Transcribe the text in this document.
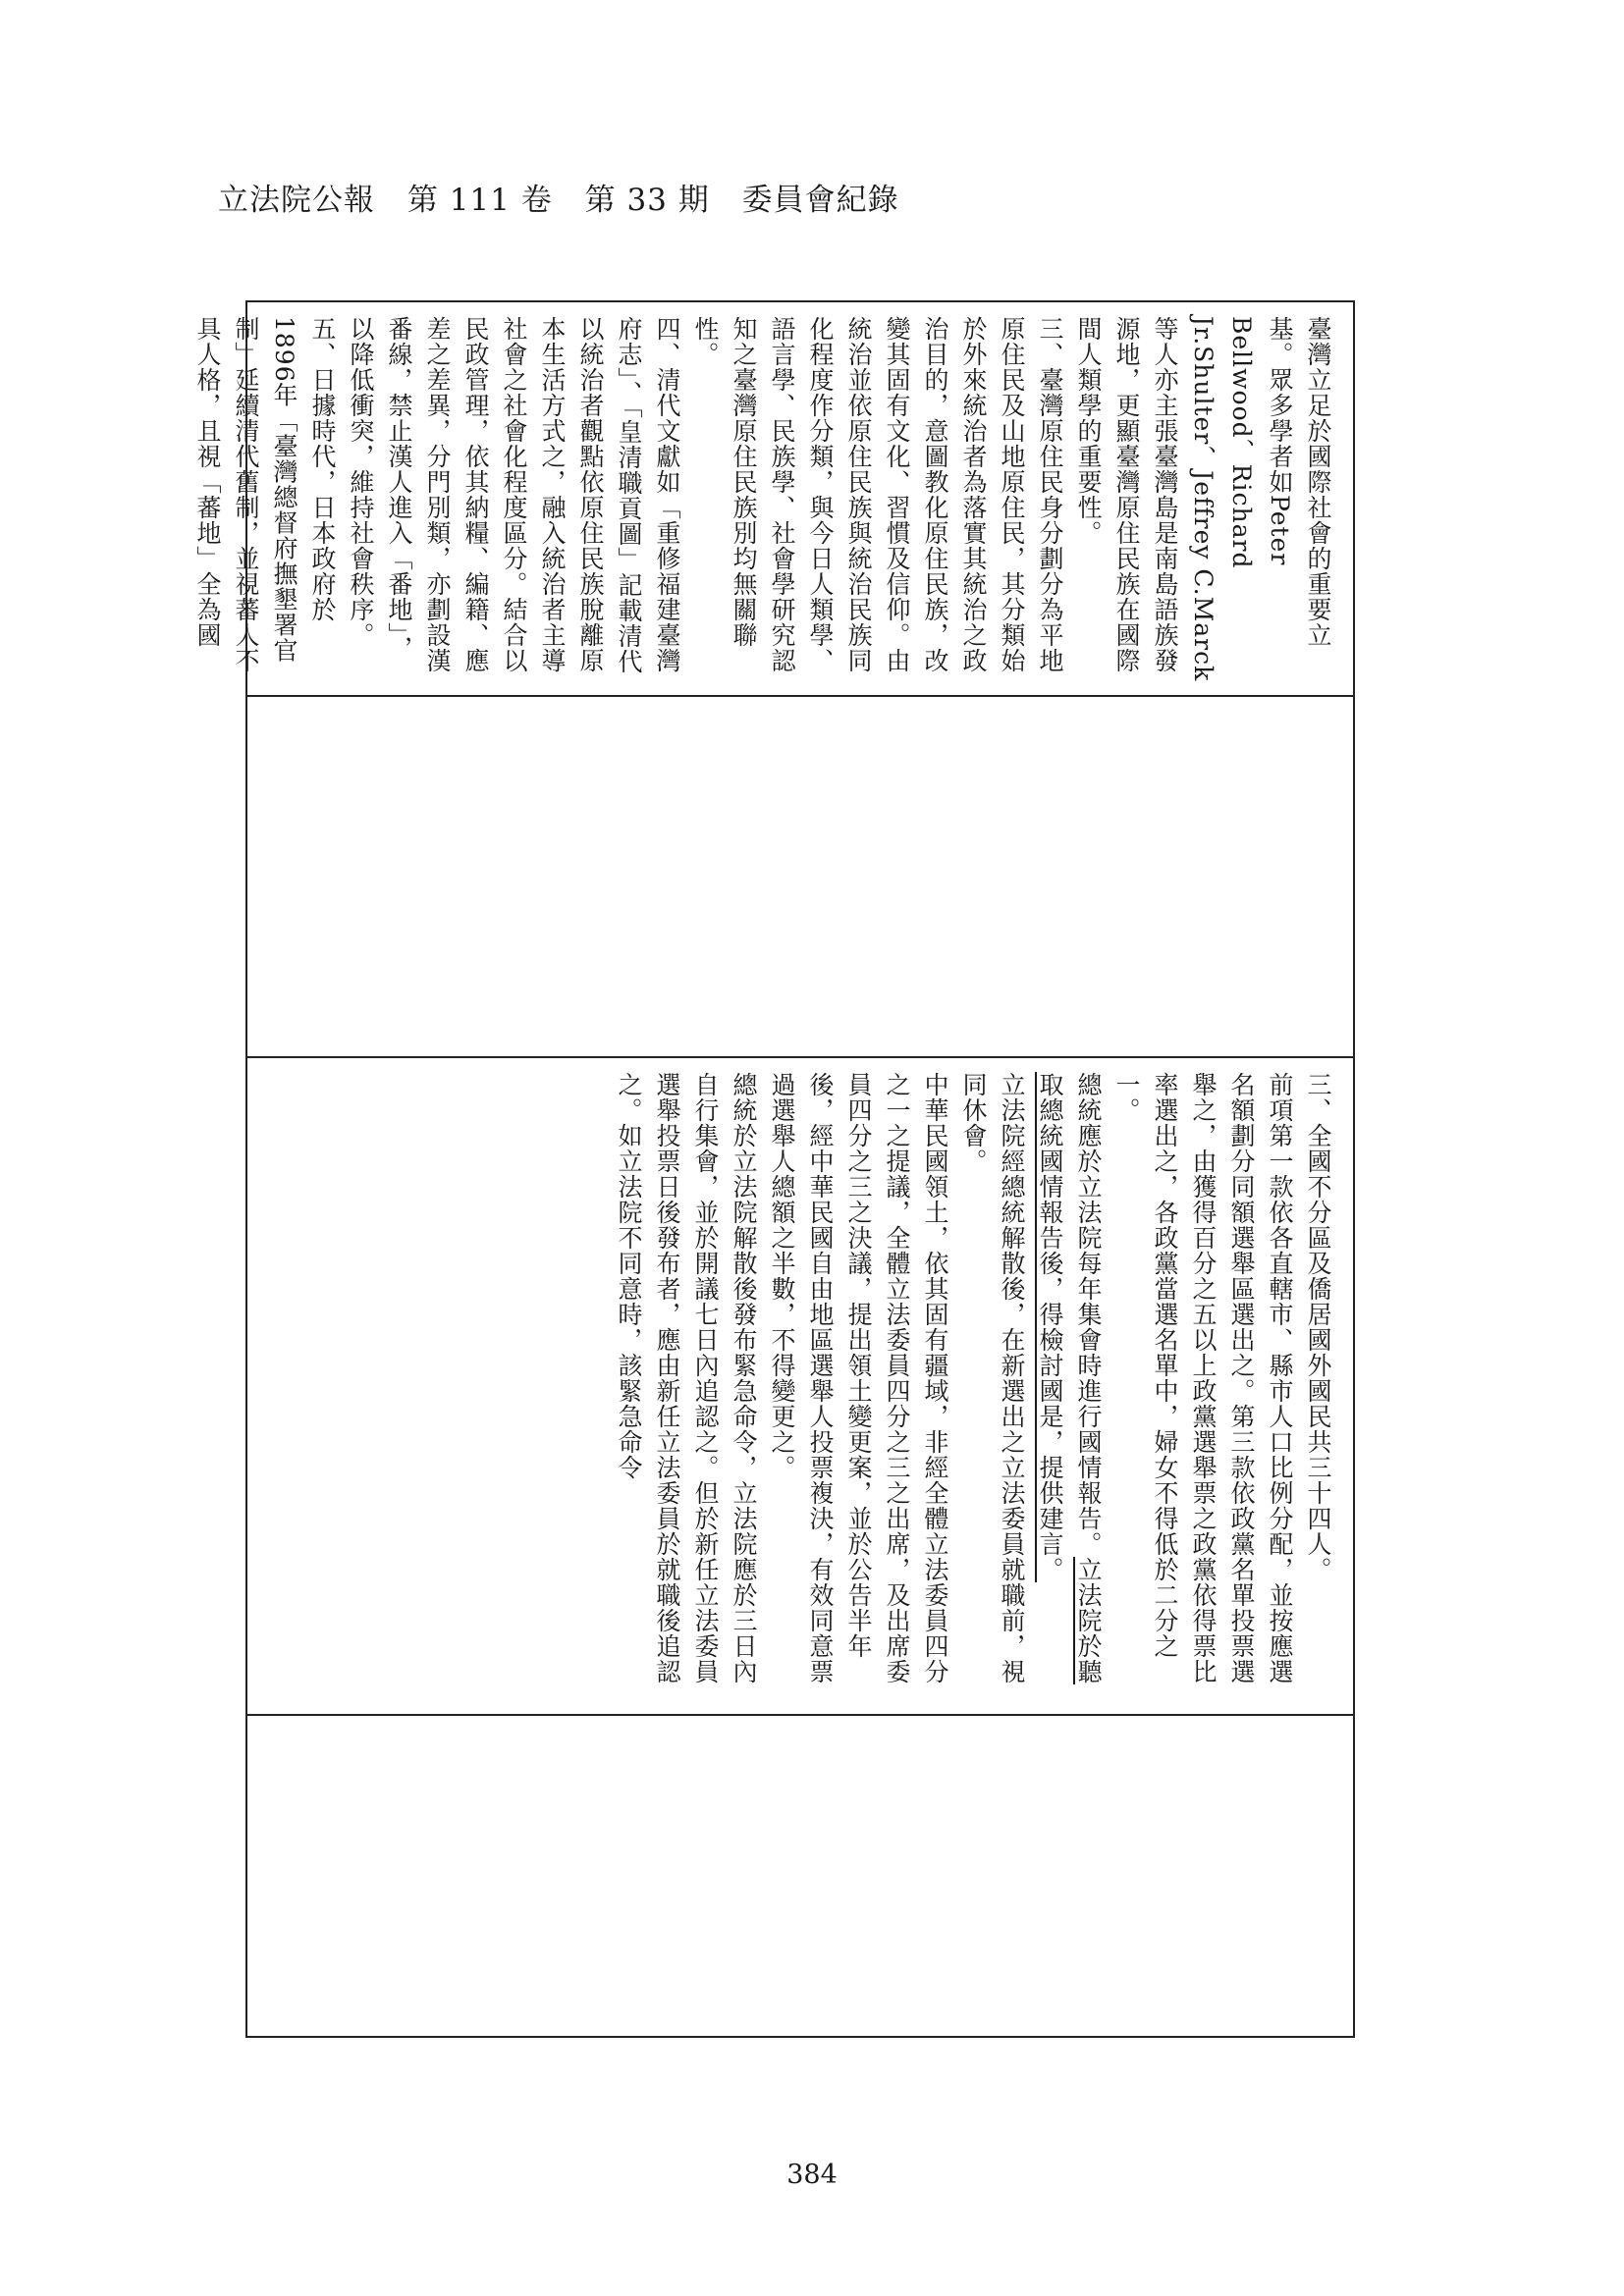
立法院公報 第 111 卷 第 33 期 委員會紀錄
臺灣立足於國際社會的重要立基。眾多學者如Peter Bellwood、Richard Jr.Shulter、Jeffrey C.Marck等人亦主張臺灣島是南島語族發源地，更顯臺灣原住民族在國際間人類學的重要性。
三、臺灣原住民身分劃分為平地原住民及山地原住民，其分類始於外來統治者為落實其統治之政治目的，意圖教化原住民族，改變其固有文化、習慣及信仰。由統治並依原住民族與統治民族同化程度作分類，與今日人類學、語言學、民族學、社會學研究認知之臺灣原住民族別均無關聯性。
四、清代文獻如「重修福建臺灣府志」、「皇清職貢圖」記載清代以統治者觀點依原住民族脫離原本生活方式之，融入統治者主導社會之社會化程度區分。結合以民政管理，依其納糧、編籍、應差之差異，分門別類，亦劃設漢番線，禁止漢人進入「番地」，以降低衝突，維持社會秩序。
五、日據時代，日本政府於1896年「臺灣總督府撫墾署官制」延續清代舊制，並視蕃人不具人格，且視「蕃地」全為國
三、全國不分區及僑居國外國民共三十四人。
前項第一款依各直轄市、縣市人口比例分配，並按應選名額劃分同額選舉區選出之。第三款依政黨名單投票選舉之，由獲得百分之五以上政黨選舉票之政黨依得票比率選出之，各政黨當選名單中，婦女不得低於二分之一。
總統應於立法院每年集會時進行國情報告。立法院於聽取總統國情報告後，得檢討國是，提供建言。
立法院經總統解散後，在新選出之立法委員就職前，視同休會。
中華民國領土，依其固有疆域，非經全體立法委員四分之一之提議，全體立法委員四分之三之出席，及出席委員四分之三之決議，提出領土變更案，並於公告半年後，經中華民國自由地區選舉人投票複決，有效同意票過選舉人總額之半數，不得變更之。
總統於立法院解散後發布緊急命令，立法院應於三日內自行集會，並於開議七日內追認之。但於新任立法委員選舉投票日後發布者，應由新任立法委員於就職後追認之。如立法院不同意時，該緊急命令
384
